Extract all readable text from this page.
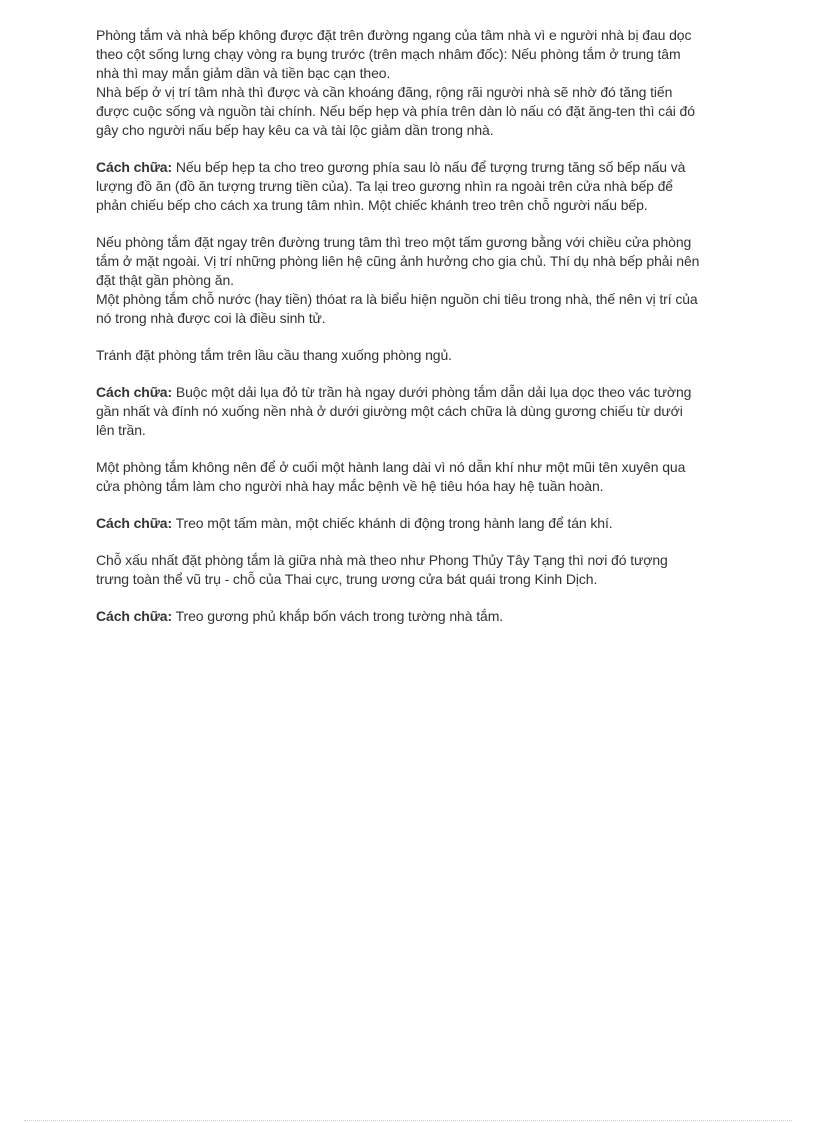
Phòng tắm và nhà bếp không được đặt trên đường ngang của tâm nhà vì e người nhà bị đau dọc
theo cột sống lưng chạy vòng ra bụng trước (trên mạch nhâm đốc): Nếu phòng tắm ở trung tâm
nhà thì may mắn giảm dần và tiền bạc cạn theo.
Nhà bếp ở vị trí tâm nhà thì được và cần khoáng đãng, rộng rãi người nhà sẽ nhờ đó tăng tiến
được cuộc sống và nguồn tài chính. Nếu bếp hẹp và phía trên dàn lò nấu có đặt ăng-ten thì cái đó
gây cho người nấu bếp hay kêu ca và tài lộc giảm dần trong nhà.

Cách chữa: Nếu bếp hẹp ta cho treo gương phía sau lò nấu để tượng trưng tăng số bếp nấu và
lượng đồ ăn (đồ ăn tượng trưng tiền của). Ta lại treo gương nhìn ra ngoài trên cửa nhà bếp để
phản chiếu bếp cho cách xa trung tâm nhìn. Một chiếc khánh treo trên chỗ người nấu bếp.

Nếu phòng tắm đặt ngay trên đường trung tâm thì treo một tấm gương bằng với chiều cửa phòng
tắm ở mặt ngoài. Vị trí những phòng liên hệ cũng ảnh hưởng cho gia chủ. Thí dụ nhà bếp phải nên
đặt thật gần phòng ăn.
Một phòng tắm chỗ nước (hay tiền) thóat ra là biểu hiện nguồn chi tiêu trong nhà, thế nên vị trí của
nó trong nhà được coi là điều sinh tử.

Tránh đặt phòng tắm trên lầu cầu thang xuống phòng ngủ.

Cách chữa: Buộc một dải lụa đỏ từ trần hà ngay dưới phòng tắm dẫn dải lụa dọc theo vác tường
gần nhất và đính nó xuống nền nhà ở dưới giường một cách chữa là dùng gương chiếu từ dưới
lên trần.

Một phòng tắm không nên để ở cuối một hành lang dài vì nó dẫn khí như một mũi tên xuyên qua
cửa phòng tắm làm cho người nhà hay mắc bệnh về hệ tiêu hóa hay hệ tuần hoàn.

Cách chữa: Treo một tấm màn, một chiếc khánh di động trong hành lang để tán khí.

Chỗ xấu nhất đặt phòng tắm là giữa nhà mà theo như Phong Thủy Tây Tạng thì nơi đó tượng
trưng toàn thể vũ trụ - chỗ của Thai cực, trung ương cửa bát quái trong Kinh Dịch.

Cách chữa: Treo gương phủ khắp bốn vách trong tường nhà tắm.
